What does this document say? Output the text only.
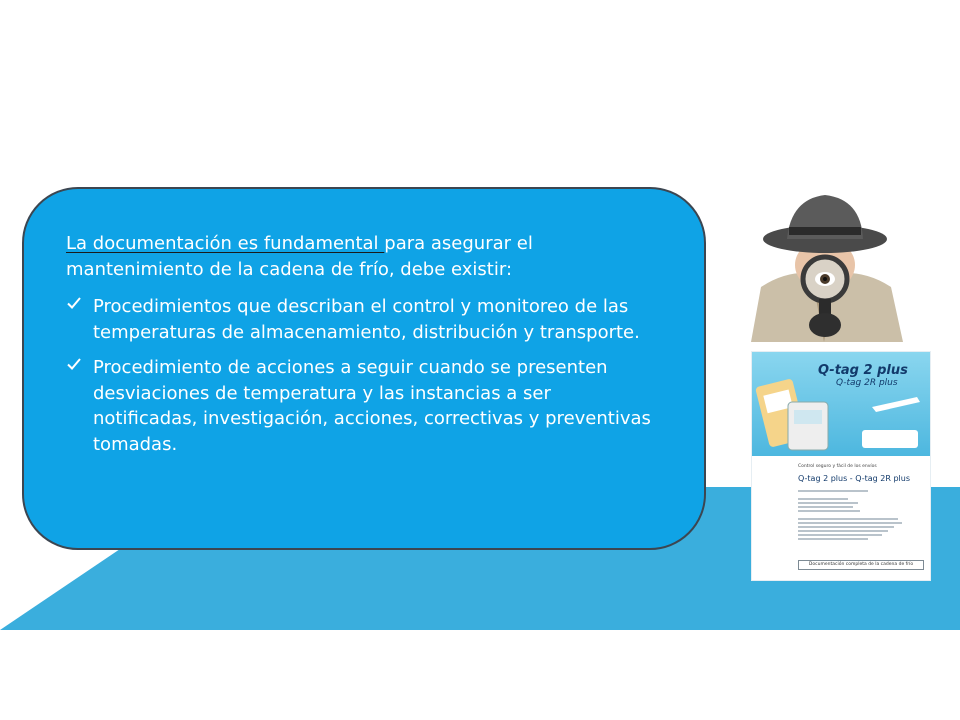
La documentación es fundamental para asegurar el mantenimiento de la cadena de frío, debe existir:

Procedimientos que describan el control y monitoreo de las temperaturas de almacenamiento, distribución y transporte.
Procedimiento de acciones a seguir cuando se presenten desviaciones de temperatura y las instancias a ser notificadas, investigación, acciones, correctivas y preventivas tomadas.
Q-tag 2 plus
Q-tag 2R plus
Control seguro y fácil de los envíos
Q-tag 2 plus - Q-tag 2R plus
Documentación completa de la cadena de frío
